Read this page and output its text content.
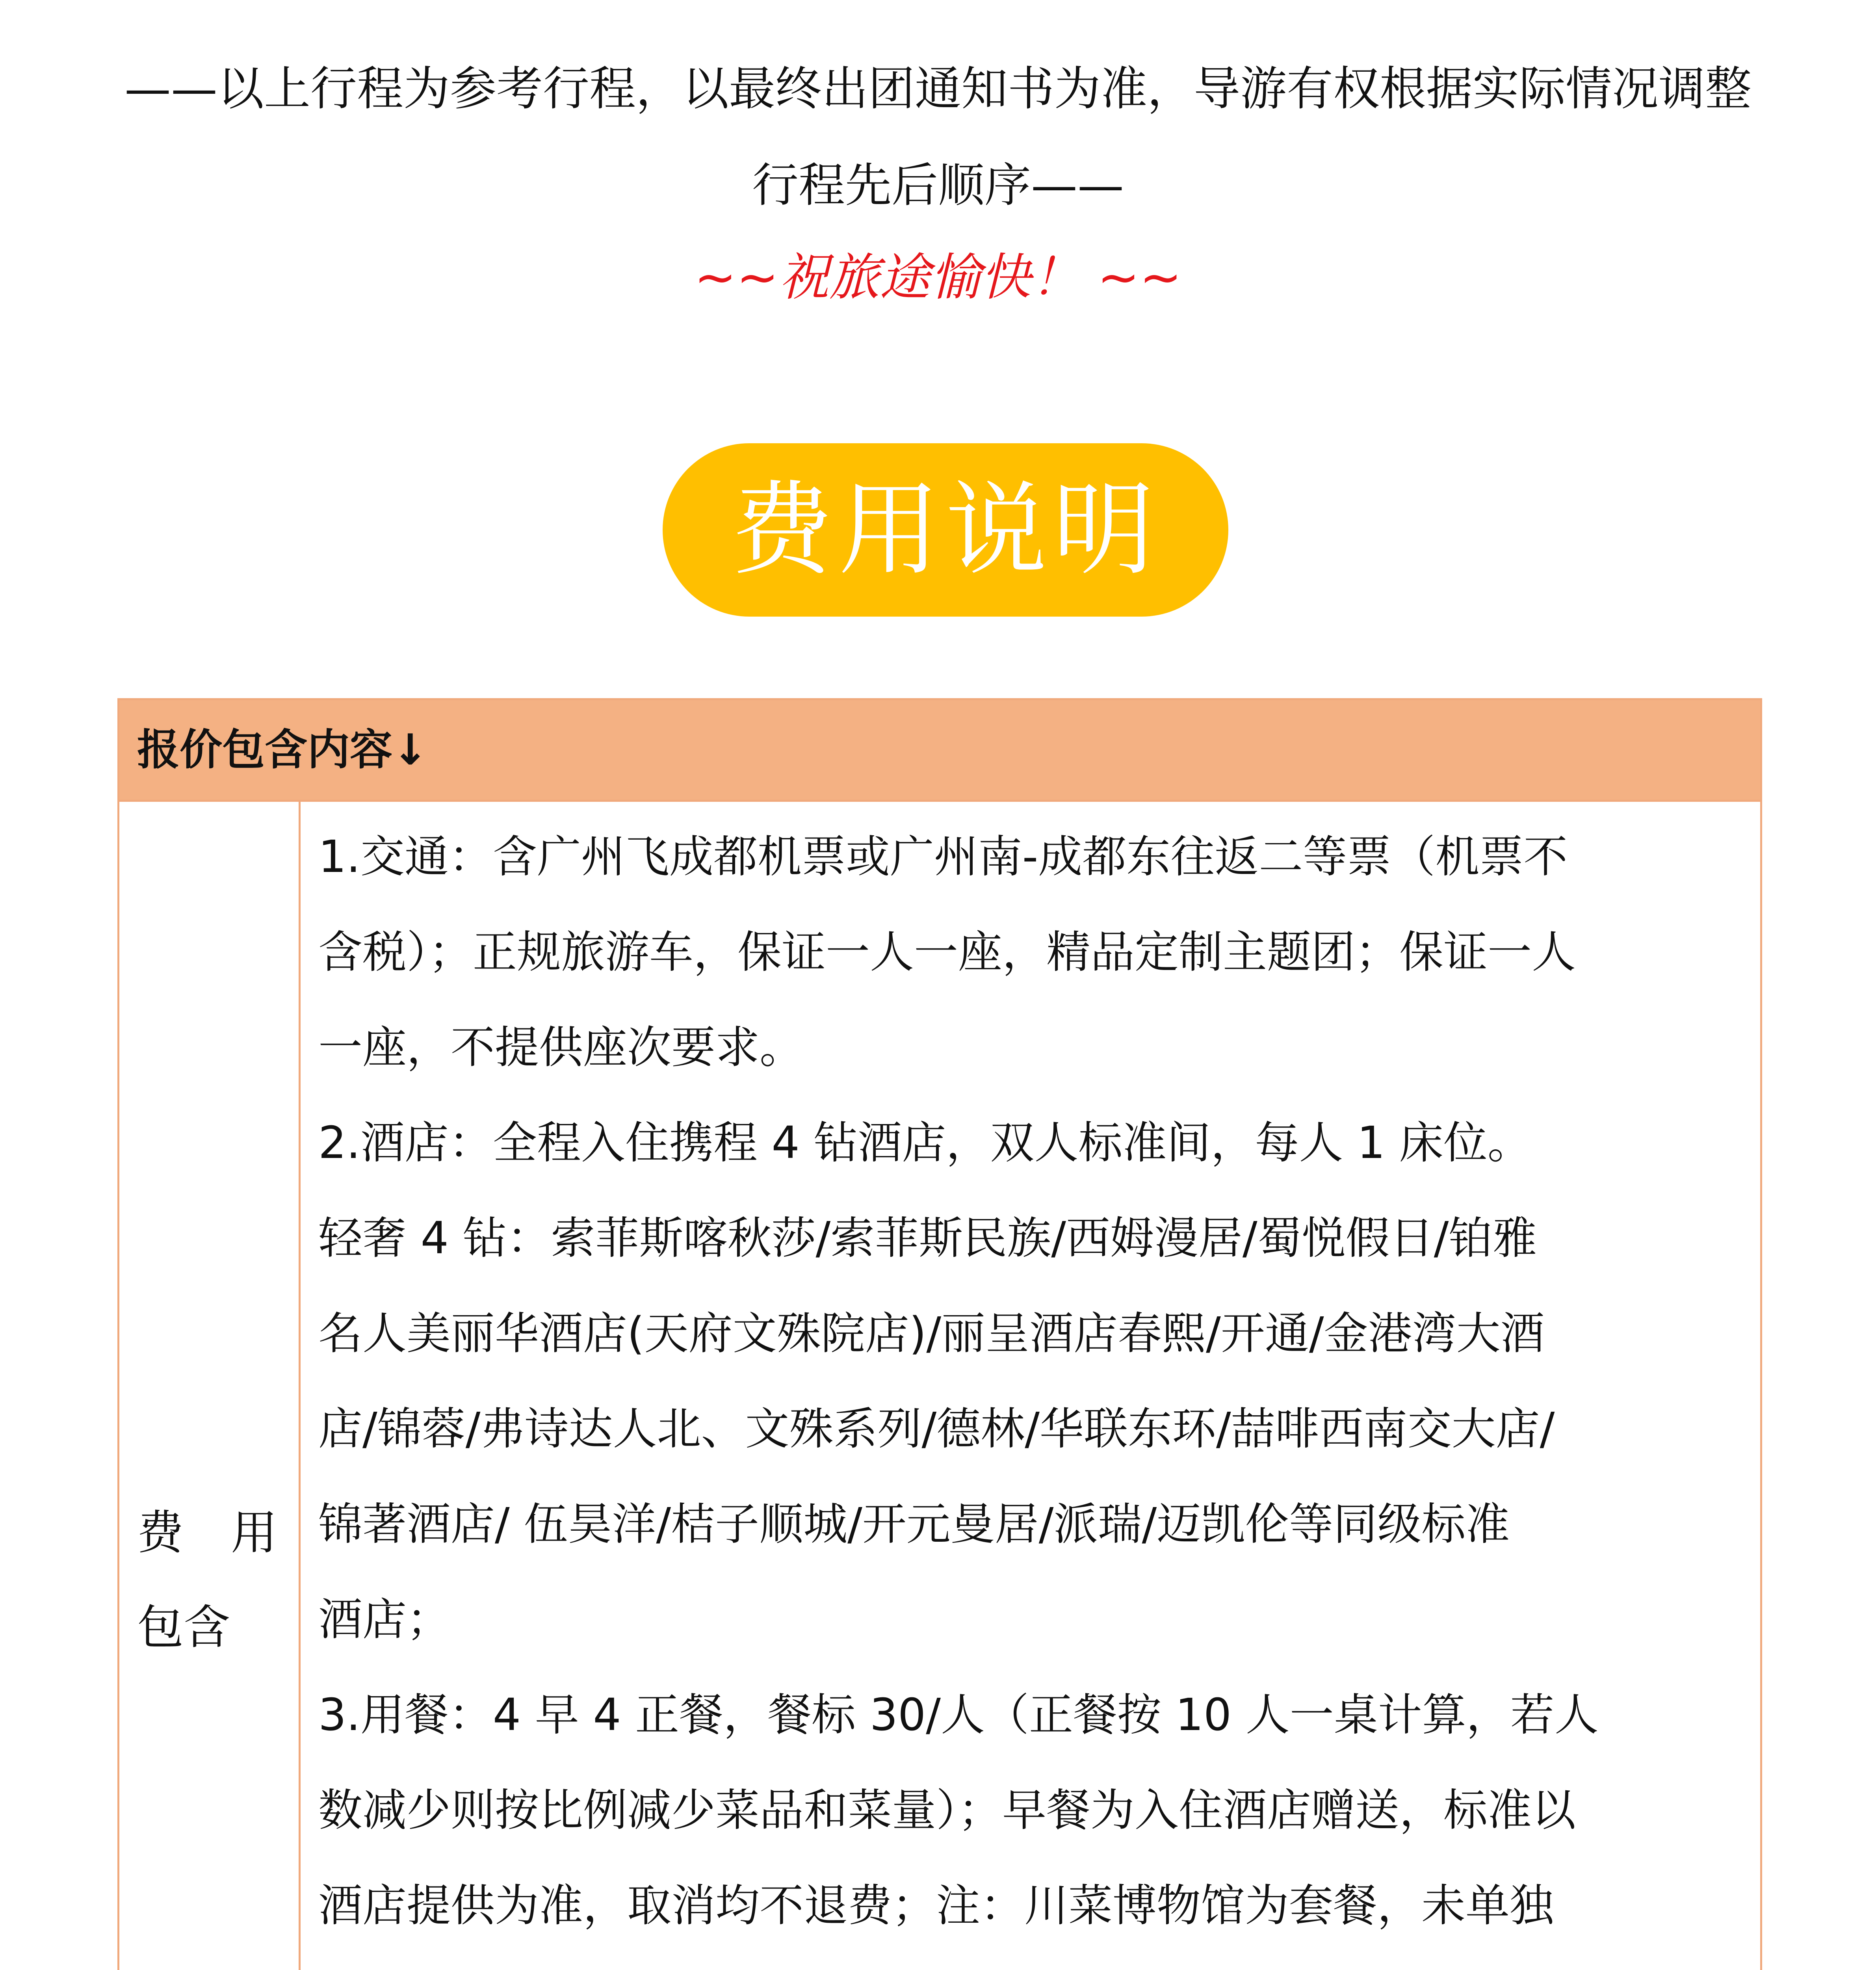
——以上行程为参考行程，以最终出团通知书为准，导游有权根据实际情况调整
行程先后顺序——
~~祝旅途愉快！ ~~
费用说明
报价包含内容↓
费用
包含
1.交通：含广州飞成都机票或广州南-成都东往返二等票（机票不
含税）；正规旅游车，保证一人一座，精品定制主题团；保证一人
一座，不提供座次要求。
2.酒店：全程入住携程 4 钻酒店，双人标准间，每人 1 床位。
轻奢 4 钻：索菲斯喀秋莎/索菲斯民族/西姆漫居/蜀悦假日/铂雅
名人美丽华酒店(天府文殊院店)/丽呈酒店春熙/开通/金港湾大酒
店/锦蓉/弗诗达人北、文殊系列/德林/华联东环/喆啡西南交大店/
锦著酒店/ 伍昊洋/桔子顺城/开元曼居/派瑞/迈凯伦等同级标准
酒店；
3.用餐：4 早 4 正餐，餐标 30/人（正餐按 10 人一桌计算，若人
数减少则按比例减少菜品和菜量）；早餐为入住酒店赠送，标准以
酒店提供为准，取消均不退费；注：川菜博物馆为套餐，未单独
